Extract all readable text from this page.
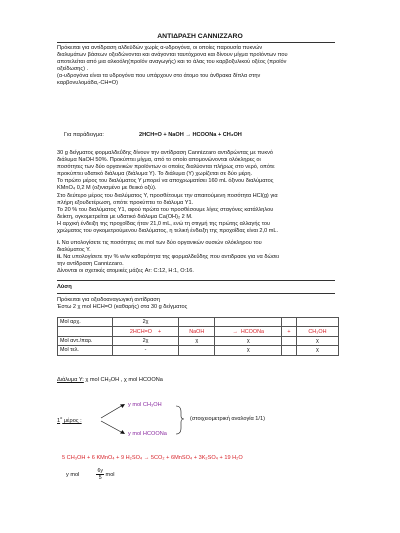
ΑΝΤΙΔΡΑΣΗ CANNIZZARO
Πρόκειται για αντίδραση αλδεϋδών χωρίς α-υδρογόνα, οι οποίες παρουσία πυκνών
διαλυμάτων βάσεων οξειδώνονται και ανάγονται ταυτόχρονα και δίνουν μίγμα προϊόντων που
αποτελείται από μια αλκοόλη(προϊόν αναγωγής) και το άλας του καρβοξυλικού οξέος (προϊόν
οξείδωσης) .
(α-υδρογόνα είναι τα υδρογόνα που υπάρχουν στο άτομο του άνθρακα δίπλα στην
καρβονυλομάδα,-CH=O)
Για παράδειγμα:	2HCH=O + NaOH → HCOONa + CH₃OH
30 g δείγματος φορμαλδεΰδης δίνουν την αντίδραση Cannizzaro αντιδρώντας με πυκνό
διάλυμα NaOH 50%. Προκύπτει μίγμα, από το οποίο απομονώνονται ολόκληρες οι
ποσότητες των δύο οργανικών προϊόντων οι οποίες διαλύονται πλήρως στο νερό, οπότε
προκύπτει υδατικό διάλυμα (διάλυμα Υ). Το διάλυμα (Υ) χωρίζεται σε δύο μέρη.
Το πρώτο μέρος του διαλύματος Υ μπορεί να αποχρωματίσει 160 mL όξινου διαλύματος
KMnO₄ 0,2 M (οξινισμένο με θειικό οξύ).
Στο δεύτερο μέρος του διαλύματος Υ, προσθέτουμε την απαιτούμενη ποσότητα HCl(g) για
πλήρη εξουδετέρωση, οπότε προκύπτει το διάλυμα Υ1.
Το 20 % του διαλύματος Υ1, αφού πρώτα του προσθέσουμε λίγες σταγόνες κατάλληλου
δείκτη, ογκομετρείται με υδατικό διάλυμα Ca(OH)₂ 2 M.
Η αρχική ένδειξη της προχοΐδας ήταν 21,0 mL, ενώ τη στιγμή της πρώτης αλλαγής του
χρώματος του ογκομετρούμενου διαλύματος, η τελική ένδειξη της προχοΐδας είναι 2,0 mL.
i. Να υπολογίσετε τις ποσότητες σε mol των δύο οργανικών ουσιών ολόκληρου του
διαλύματος Υ.
ii. Να υπολογίσετε την % w/w καθαρότητα της φορμαλδεΰδης που αντιδρασε για να δώσει
την αντίδραση Cannizzaro.
Δίνονται οι σχετικές ατομικές μάζες Ar: C:12, H:1, O:16.
Λύση
Πρόκειται για οξειδοαναγωγική αντίδραση
Έστω 2 χ mol HCH=O (καθαρής) στα 30 g δείγματος
Mol αρχ.	2χ				
	2HCH=O +	NaOH	→ HCOONa	+	CH₃OH
Mol αντ./παρ.	2χ	χ	χ		χ
Mol τελ.	-		χ		χ
Διάλυμα Υ: χ mol CH₃OH , χ mol HCOONa
y mol CH₃OH
$1^o$ μέρος :	(στοιχειομετρική αναλογία 1/1)
y mol HCOONa
5 CH₃OH + 6 KMnO₄ + 9 H₂SO₄ → 5CO₂ + 6MnSO₄ + 3K₂SO₄ + 19 H₂O
y mol	$\frac{6y}{5}$ mol
